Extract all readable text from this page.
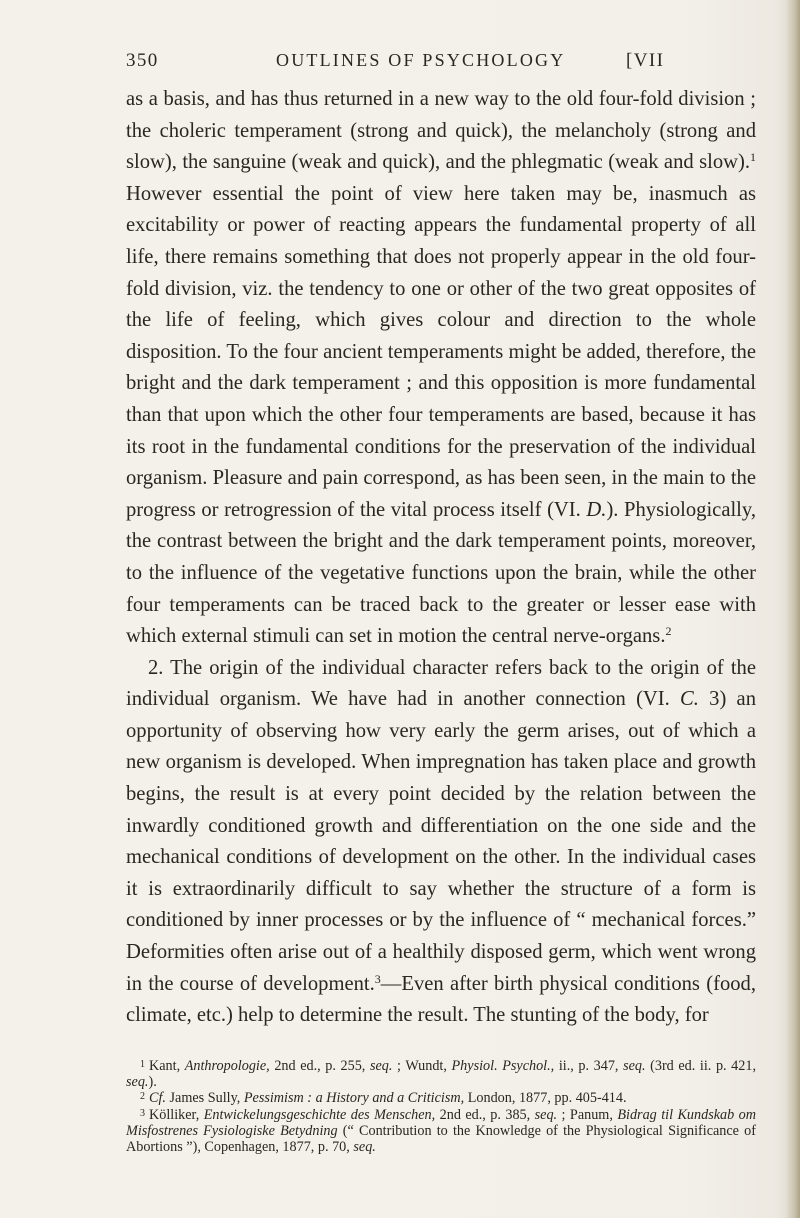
350	OUTLINES OF PSYCHOLOGY	[VII

as a basis, and has thus returned in a new way to the old four-fold division ; the choleric temperament (strong and quick), the melancholy (strong and slow), the sanguine (weak and quick), and the phlegmatic (weak and slow).$^1$ However essential the point of view here taken may be, inasmuch as excitability or power of reacting appears the fundamental property of all life, there remains something that does not properly appear in the old four-fold division, viz. the tendency to one or other of the two great opposites of the life of feeling, which gives colour and direction to the whole disposition. To the four ancient temperaments might be added, therefore, the bright and the dark temperament ; and this opposition is more fundamental than that upon which the other four temperaments are based, because it has its root in the fundamental conditions for the preservation of the individual organism. Pleasure and pain correspond, as has been seen, in the main to the progress or retrogression of the vital process itself (VI. D.). Physiologically, the contrast between the bright and the dark temperament points, moreover, to the influence of the vegetative functions upon the brain, while the other four temperaments can be traced back to the greater or lesser ease with which external stimuli can set in motion the central nerve-organs.$^2$

2. The origin of the individual character refers back to the origin of the individual organism. We have had in another connection (VI. C. 3) an opportunity of observing how very early the germ arises, out of which a new organism is developed. When impregnation has taken place and growth begins, the result is at every point decided by the relation between the inwardly conditioned growth and differentiation on the one side and the mechanical conditions of development on the other. In the individual cases it is extraordinarily difficult to say whether the structure of a form is conditioned by inner processes or by the influence of “ mechanical forces.” Deformities often arise out of a healthily disposed germ, which went wrong in the course of development.$^3$—Even after birth physical conditions (food, climate, etc.) help to determine the result. The stunting of the body, for

$^1$ Kant, Anthropologie, 2nd ed., p. 255, seq. ; Wundt, Physiol. Psychol., ii., p. 347, seq. (3rd ed. ii. p. 421, seq.).

$^2$ Cf. James Sully, Pessimism : a History and a Criticism, London, 1877, pp. 405-414.

$^3$ Kölliker, Entwickelungsgeschichte des Menschen, 2nd ed., p. 385, seq. ; Panum, Bidrag til Kundskab om Misfostrenes Fysiologiske Betydning (“ Contribution to the Knowledge of the Physiological Significance of Abortions ”), Copenhagen, 1877, p. 70, seq.
